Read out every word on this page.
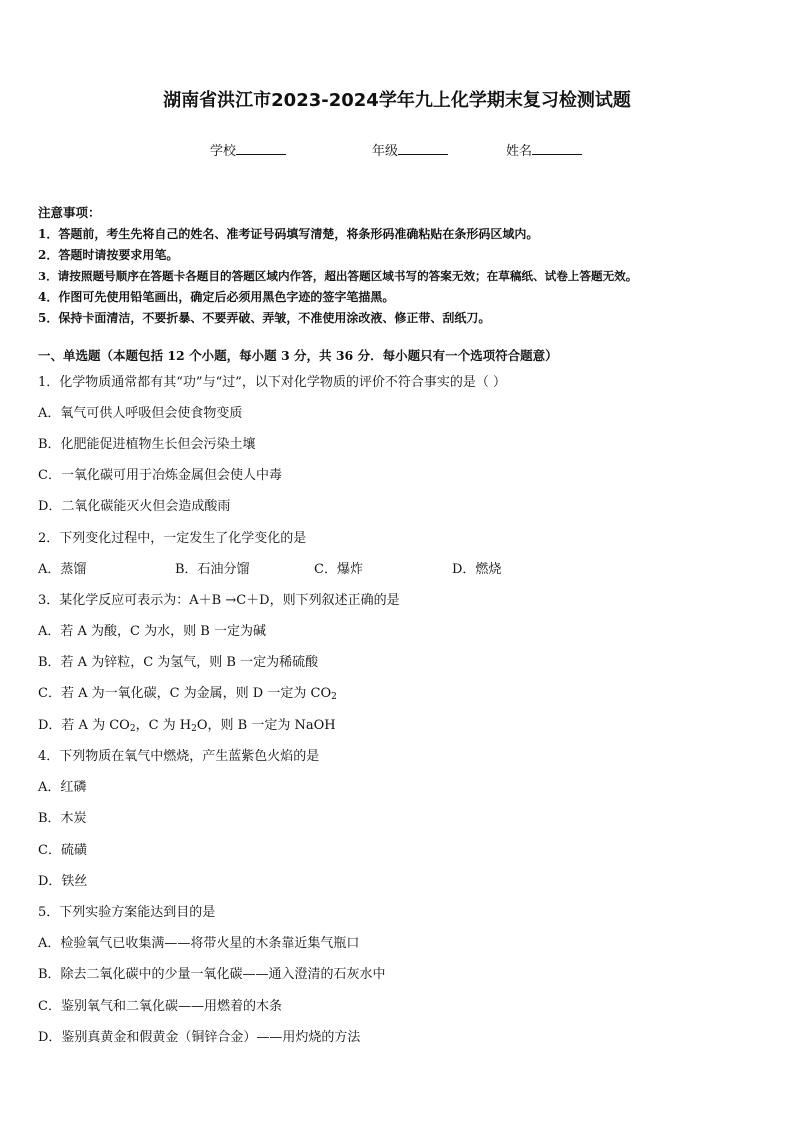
湖南省洪江市2023-2024学年九上化学期末复习检测试题
学校	年级	姓名
注意事项：
1．答题前，考生先将自己的姓名、准考证号码填写清楚，将条形码准确粘贴在条形码区域内。
2．答题时请按要求用笔。
3．请按照题号顺序在答题卡各题目的答题区域内作答，超出答题区域书写的答案无效；在草稿纸、试卷上答题无效。
4．作图可先使用铅笔画出，确定后必须用黑色字迹的签字笔描黑。
5．保持卡面清洁，不要折暴、不要弄破、弄皱，不准使用涂改液、修正带、刮纸刀。
一、单选题（本题包括 12 个小题，每小题 3 分，共 36 分．每小题只有一个选项符合题意）
1．化学物质通常都有其“功”与“过”，以下对化学物质的评价不符合事实的是（ ）
A．氧气可供人呼吸但会使食物变质
B．化肥能促进植物生长但会污染土壤
C．一氧化碳可用于冶炼金属但会使人中毒
D．二氧化碳能灭火但会造成酸雨
2．下列变化过程中，一定发生了化学变化的是
A．蒸馏	B．石油分馏	C．爆炸	D．燃烧
3．某化学反应可表示为：A＋B →C＋D，则下列叙述正确的是
A．若 A 为酸，C 为水，则 B 一定为碱
B．若 A 为锌粒，C 为氢气，则 B 一定为稀硫酸
C．若 A 为一氧化碳，C 为金属，则 D 一定为 $CO_2$
D．若 A 为 $CO_2$，C 为 $H_2O$，则 B 一定为 NaOH
4．下列物质在氧气中燃烧，产生蓝紫色火焰的是
A．红磷
B．木炭
C．硫磺
D．铁丝
5．下列实验方案能达到目的是
A．检验氧气已收集满——将带火星的木条靠近集气瓶口
B．除去二氧化碳中的少量一氧化碳——通入澄清的石灰水中
C．鉴别氧气和二氧化碳——用燃着的木条
D．鉴别真黄金和假黄金（铜锌合金）——用灼烧的方法
